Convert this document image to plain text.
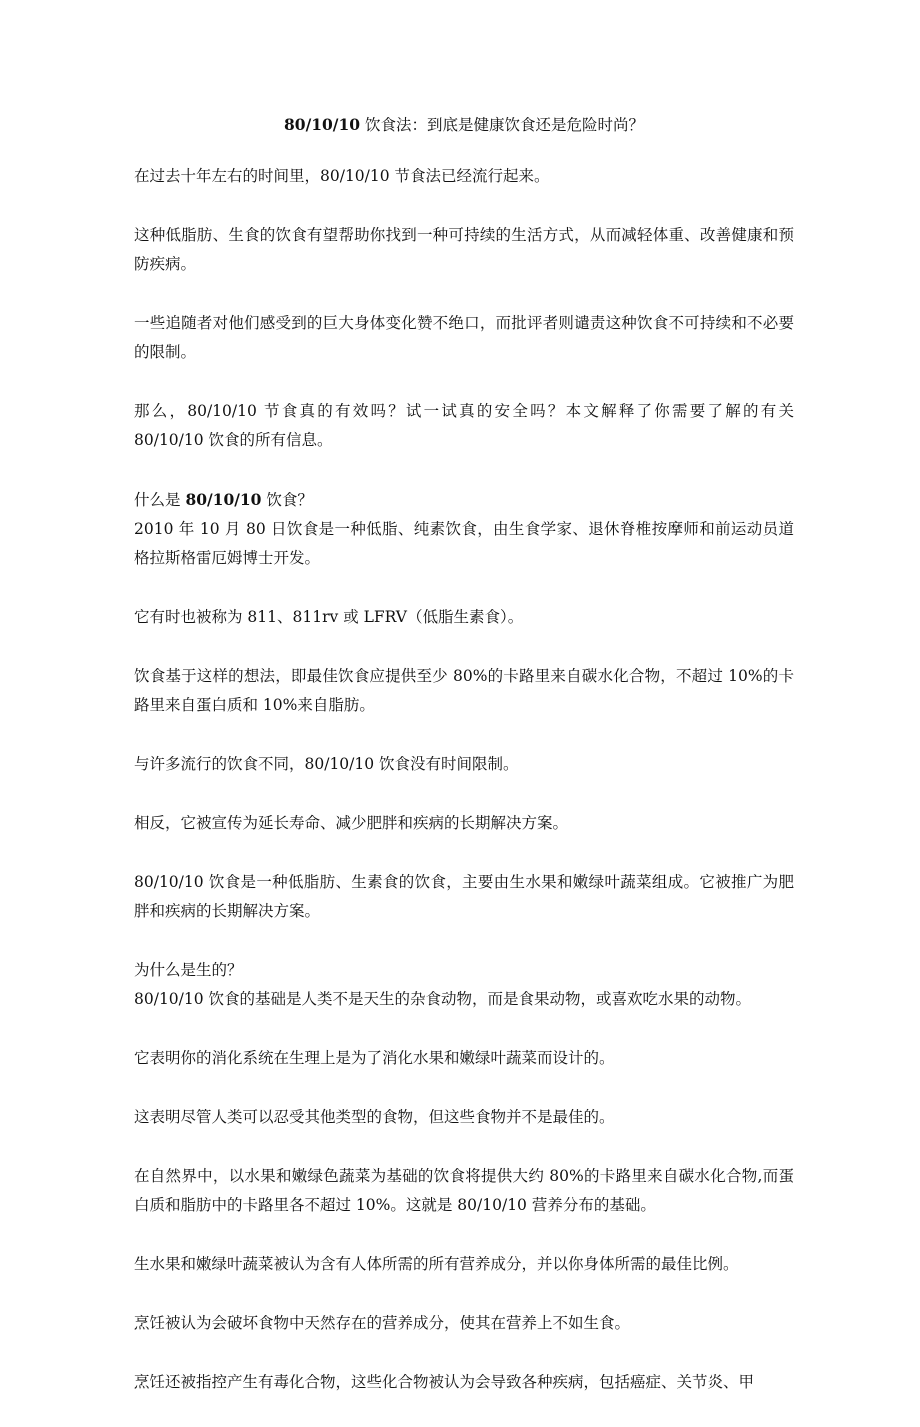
80/10/10 饮食法：到底是健康饮食还是危险时尚？

在过去十年左右的时间里，80/10/10 节食法已经流行起来。

这种低脂肪、生食的饮食有望帮助你找到一种可持续的生活方式，从而减轻体重、改善健康和预防疾病。

一些追随者对他们感受到的巨大身体变化赞不绝口，而批评者则谴责这种饮食不可持续和不必要的限制。

那么，80/10/10 节食真的有效吗？试一试真的安全吗？本文解释了你需要了解的有关 80/10/10 饮食的所有信息。

什么是 80/10/10 饮食？

2010 年 10 月 80 日饮食是一种低脂、纯素饮食，由生食学家、退休脊椎按摩师和前运动员道格拉斯格雷厄姆博士开发。

它有时也被称为 811、811rv 或 LFRV（低脂生素食）。

饮食基于这样的想法，即最佳饮食应提供至少 80%的卡路里来自碳水化合物，不超过 10%的卡路里来自蛋白质和 10%来自脂肪。

与许多流行的饮食不同，80/10/10 饮食没有时间限制。

相反，它被宣传为延长寿命、减少肥胖和疾病的长期解决方案。

80/10/10 饮食是一种低脂肪、生素食的饮食，主要由生水果和嫩绿叶蔬菜组成。它被推广为肥胖和疾病的长期解决方案。

为什么是生的？

80/10/10 饮食的基础是人类不是天生的杂食动物，而是食果动物，或喜欢吃水果的动物。

它表明你的消化系统在生理上是为了消化水果和嫩绿叶蔬菜而设计的。

这表明尽管人类可以忍受其他类型的食物，但这些食物并不是最佳的。

在自然界中，以水果和嫩绿色蔬菜为基础的饮食将提供大约 80%的卡路里来自碳水化合物,而蛋白质和脂肪中的卡路里各不超过 10%。这就是 80/10/10 营养分布的基础。

生水果和嫩绿叶蔬菜被认为含有人体所需的所有营养成分，并以你身体所需的最佳比例。

烹饪被认为会破坏食物中天然存在的营养成分，使其在营养上不如生食。

烹饪还被指控产生有毒化合物，这些化合物被认为会导致各种疾病，包括癌症、关节炎、甲
